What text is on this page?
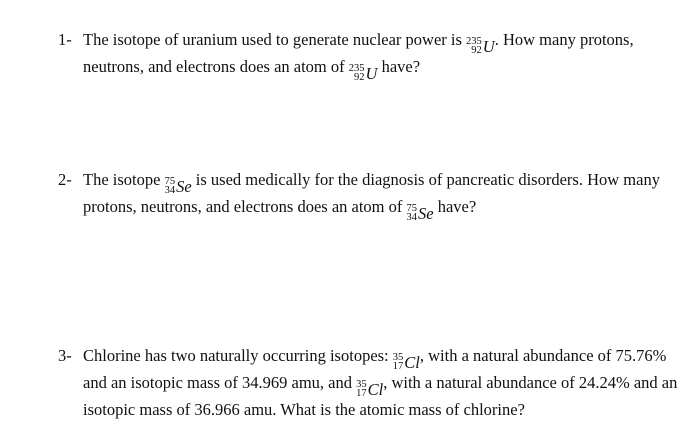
1- The isotope of uranium used to generate nuclear power is 235
92 U . How many protons, neutrons, and electrons does an atom of 235
92 U have?
2- The isotope 75
34 Se is used medically for the diagnosis of pancreatic disorders. How many protons, neutrons, and electrons does an atom of 75
34 Se have?
3- Chlorine has two naturally occurring isotopes: 35
17 Cl , with a natural abundance of 75.76% and an isotopic mass of 34.969 amu, and 35
17 Cl , with a natural abundance of 24.24% and an isotopic mass of 36.966 amu. What is the atomic mass of chlorine?
